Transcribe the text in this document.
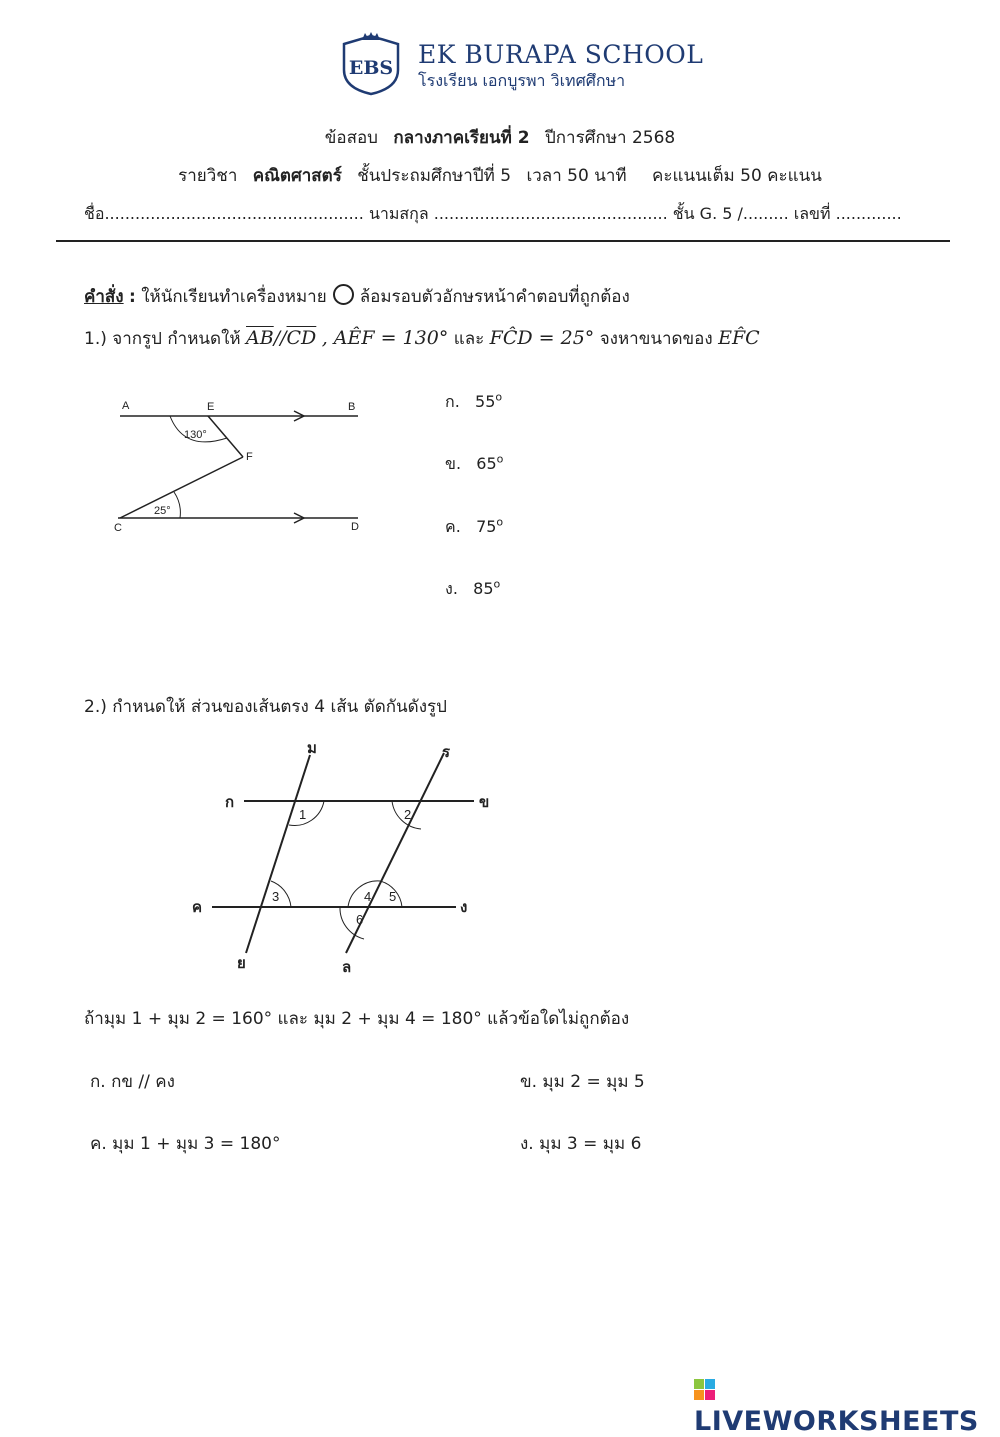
EBS EK BURAPA SCHOOL
โรงเรียน เอกบูรพา วิเทศศึกษา
ข้อสอบ กลางภาคเรียนที่ 2 ปีการศึกษา 2568
รายวิชา คณิตศาสตร์ ชั้นประถมศึกษาปีที่ 5 เวลา 50 นาที คะแนนเต็ม 50 คะแนน
ชื่อ................................................... นามสกุล .............................................. ชั้น G. 5 /......... เลขที่ .............
คำสั่ง : ให้นักเรียนทำเครื่องหมาย ล้อมรอบตัวอักษรหน้าคำตอบที่ถูกต้อง
1.) จากรูป กำหนดให้ $\overline{AB}//\overline{CD}$ , AÊF = 130° และ FĈD = 25° จงหาขนาดของ EF̂C
A	E	B
F
C	D
130°
25°
ก. 55$^o$
ข. 65$^o$
ค. 75$^o$
ง. 85$^o$
2.) กำหนดให้ ส่วนของเส้นตรง 4 เส้น ตัดกันดังรูป
ม	ร
ก	ข
ค	ง
ย	ล
1	2
3	4 5
6
ถ้ามุม 1 + มุม 2 = 160° และ มุม 2 + มุม 4 = 180° แล้วข้อใดไม่ถูกต้อง
ก. กข // คง	ข. มุม 2 = มุม 5
ค. มุม 1 + มุม 3 = 180°	ง. มุม 3 = มุม 6
LIVEWORKSHEETS
